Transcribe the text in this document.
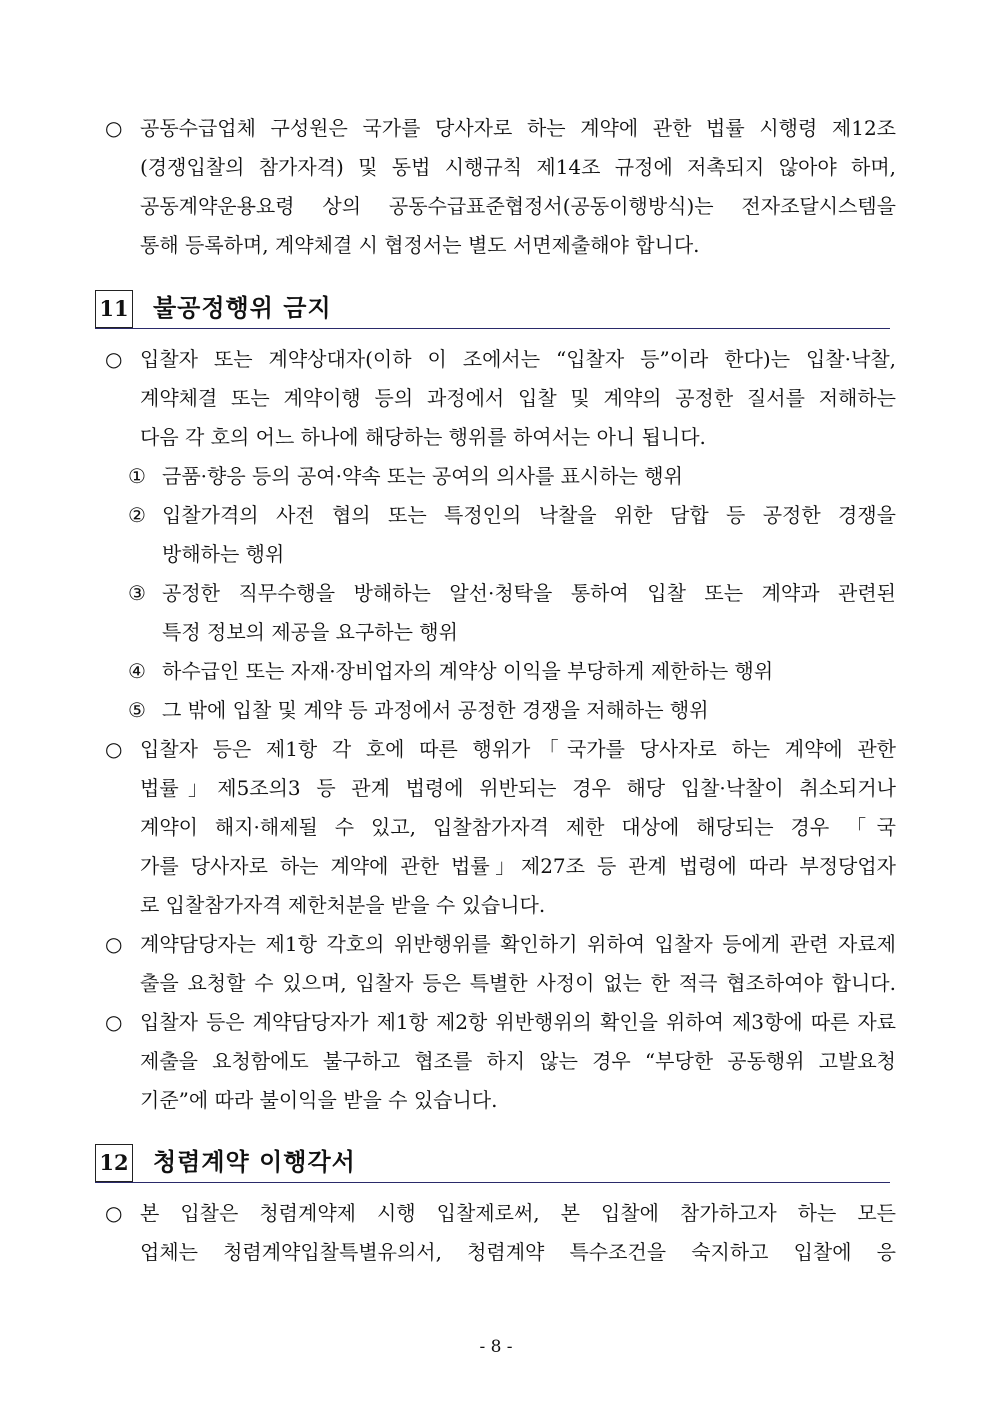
○ 공동수급업체 구성원은 국가를 당사자로 하는 계약에 관한 법률 시행령 제12조
(경쟁입찰의 참가자격) 및 동법 시행규칙 제14조 규정에 저촉되지 않아야 하며,
공동계약운용요령 상의 공동수급표준협정서(공동이행방식)는 전자조달시스템을
통해 등록하며, 계약체결 시 협정서는 별도 서면제출해야 합니다.
11 불공정행위 금지
○ 입찰자 또는 계약상대자(이하 이 조에서는 “입찰자 등”이라 한다)는 입찰·낙찰,
계약체결 또는 계약이행 등의 과정에서 입찰 및 계약의 공정한 질서를 저해하는
다음 각 호의 어느 하나에 해당하는 행위를 하여서는 아니 됩니다.
① 금품·향응 등의 공여·약속 또는 공여의 의사를 표시하는 행위
② 입찰가격의 사전 협의 또는 특정인의 낙찰을 위한 담합 등 공정한 경쟁을
방해하는 행위
③ 공정한 직무수행을 방해하는 알선·청탁을 통하여 입찰 또는 계약과 관련된
특정 정보의 제공을 요구하는 행위
④ 하수급인 또는 자재·장비업자의 계약상 이익을 부당하게 제한하는 행위
⑤ 그 밖에 입찰 및 계약 등 과정에서 공정한 경쟁을 저해하는 행위
○ 입찰자 등은 제1항 각 호에 따른 행위가「국가를 당사자로 하는 계약에 관한
법률」제5조의3 등 관계 법령에 위반되는 경우 해당 입찰·낙찰이 취소되거나
계약이 해지·해제될 수 있고, 입찰참가자격 제한 대상에 해당되는 경우 「국
가를 당사자로 하는 계약에 관한 법률」제27조 등 관계 법령에 따라 부정당업자
로 입찰참가자격 제한처분을 받을 수 있습니다.
○ 계약담당자는 제1항 각호의 위반행위를 확인하기 위하여 입찰자 등에게 관련 자료제
출을 요청할 수 있으며, 입찰자 등은 특별한 사정이 없는 한 적극 협조하여야 합니다.
○ 입찰자 등은 계약담당자가 제1항 제2항 위반행위의 확인을 위하여 제3항에 따른 자료
제출을 요청함에도 불구하고 협조를 하지 않는 경우 “부당한 공동행위 고발요청
기준”에 따라 불이익을 받을 수 있습니다.
12 청렴계약 이행각서
○ 본 입찰은 청렴계약제 시행 입찰제로써, 본 입찰에 참가하고자 하는 모든
업체는 청렴계약입찰특별유의서, 청렴계약 특수조건을 숙지하고 입찰에 응
- 8 -
